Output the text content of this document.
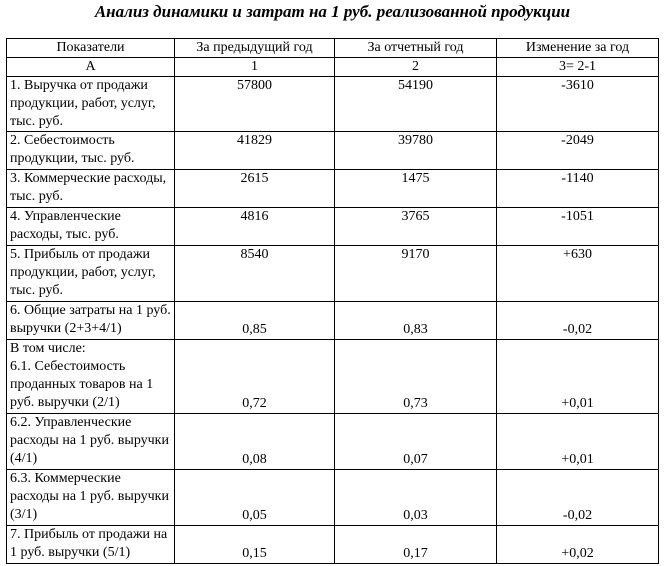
Анализ динамики и затрат на 1 руб. реализованной продукции
Показатели	За предыдущий год	За отчетный год	Изменение за год
А	1	2	3= 2-1
1. Выручка от продажи продукции, работ, услуг, тыс. руб.	57800	54190	-3610
2. Себестоимость продукции, тыс. руб.	41829	39780	-2049
3. Коммерческие расходы, тыс. руб.	2615	1475	-1140
4. Управленческие расходы, тыс. руб.	4816	3765	-1051
5. Прибыль от продажи продукции, работ, услуг, тыс. руб.	8540	9170	+630
6. Общие затраты на 1 руб. выручки (2+3+4/1)	0,85	0,83	-0,02

В том числе:
6.1. Себестоимость проданных товаров на 1 руб. выручки (2/1)	0,72	0,73	+0,01
6.2. Управленческие расходы на 1 руб. выручки (4/1)	0,08	0,07	+0,01
6.3. Коммерческие расходы на 1 руб. выручки (3/1)	0,05	0,03	-0,02
7. Прибыль от продажи на 1 руб. выручки (5/1)	0,15	0,17	+0,02
